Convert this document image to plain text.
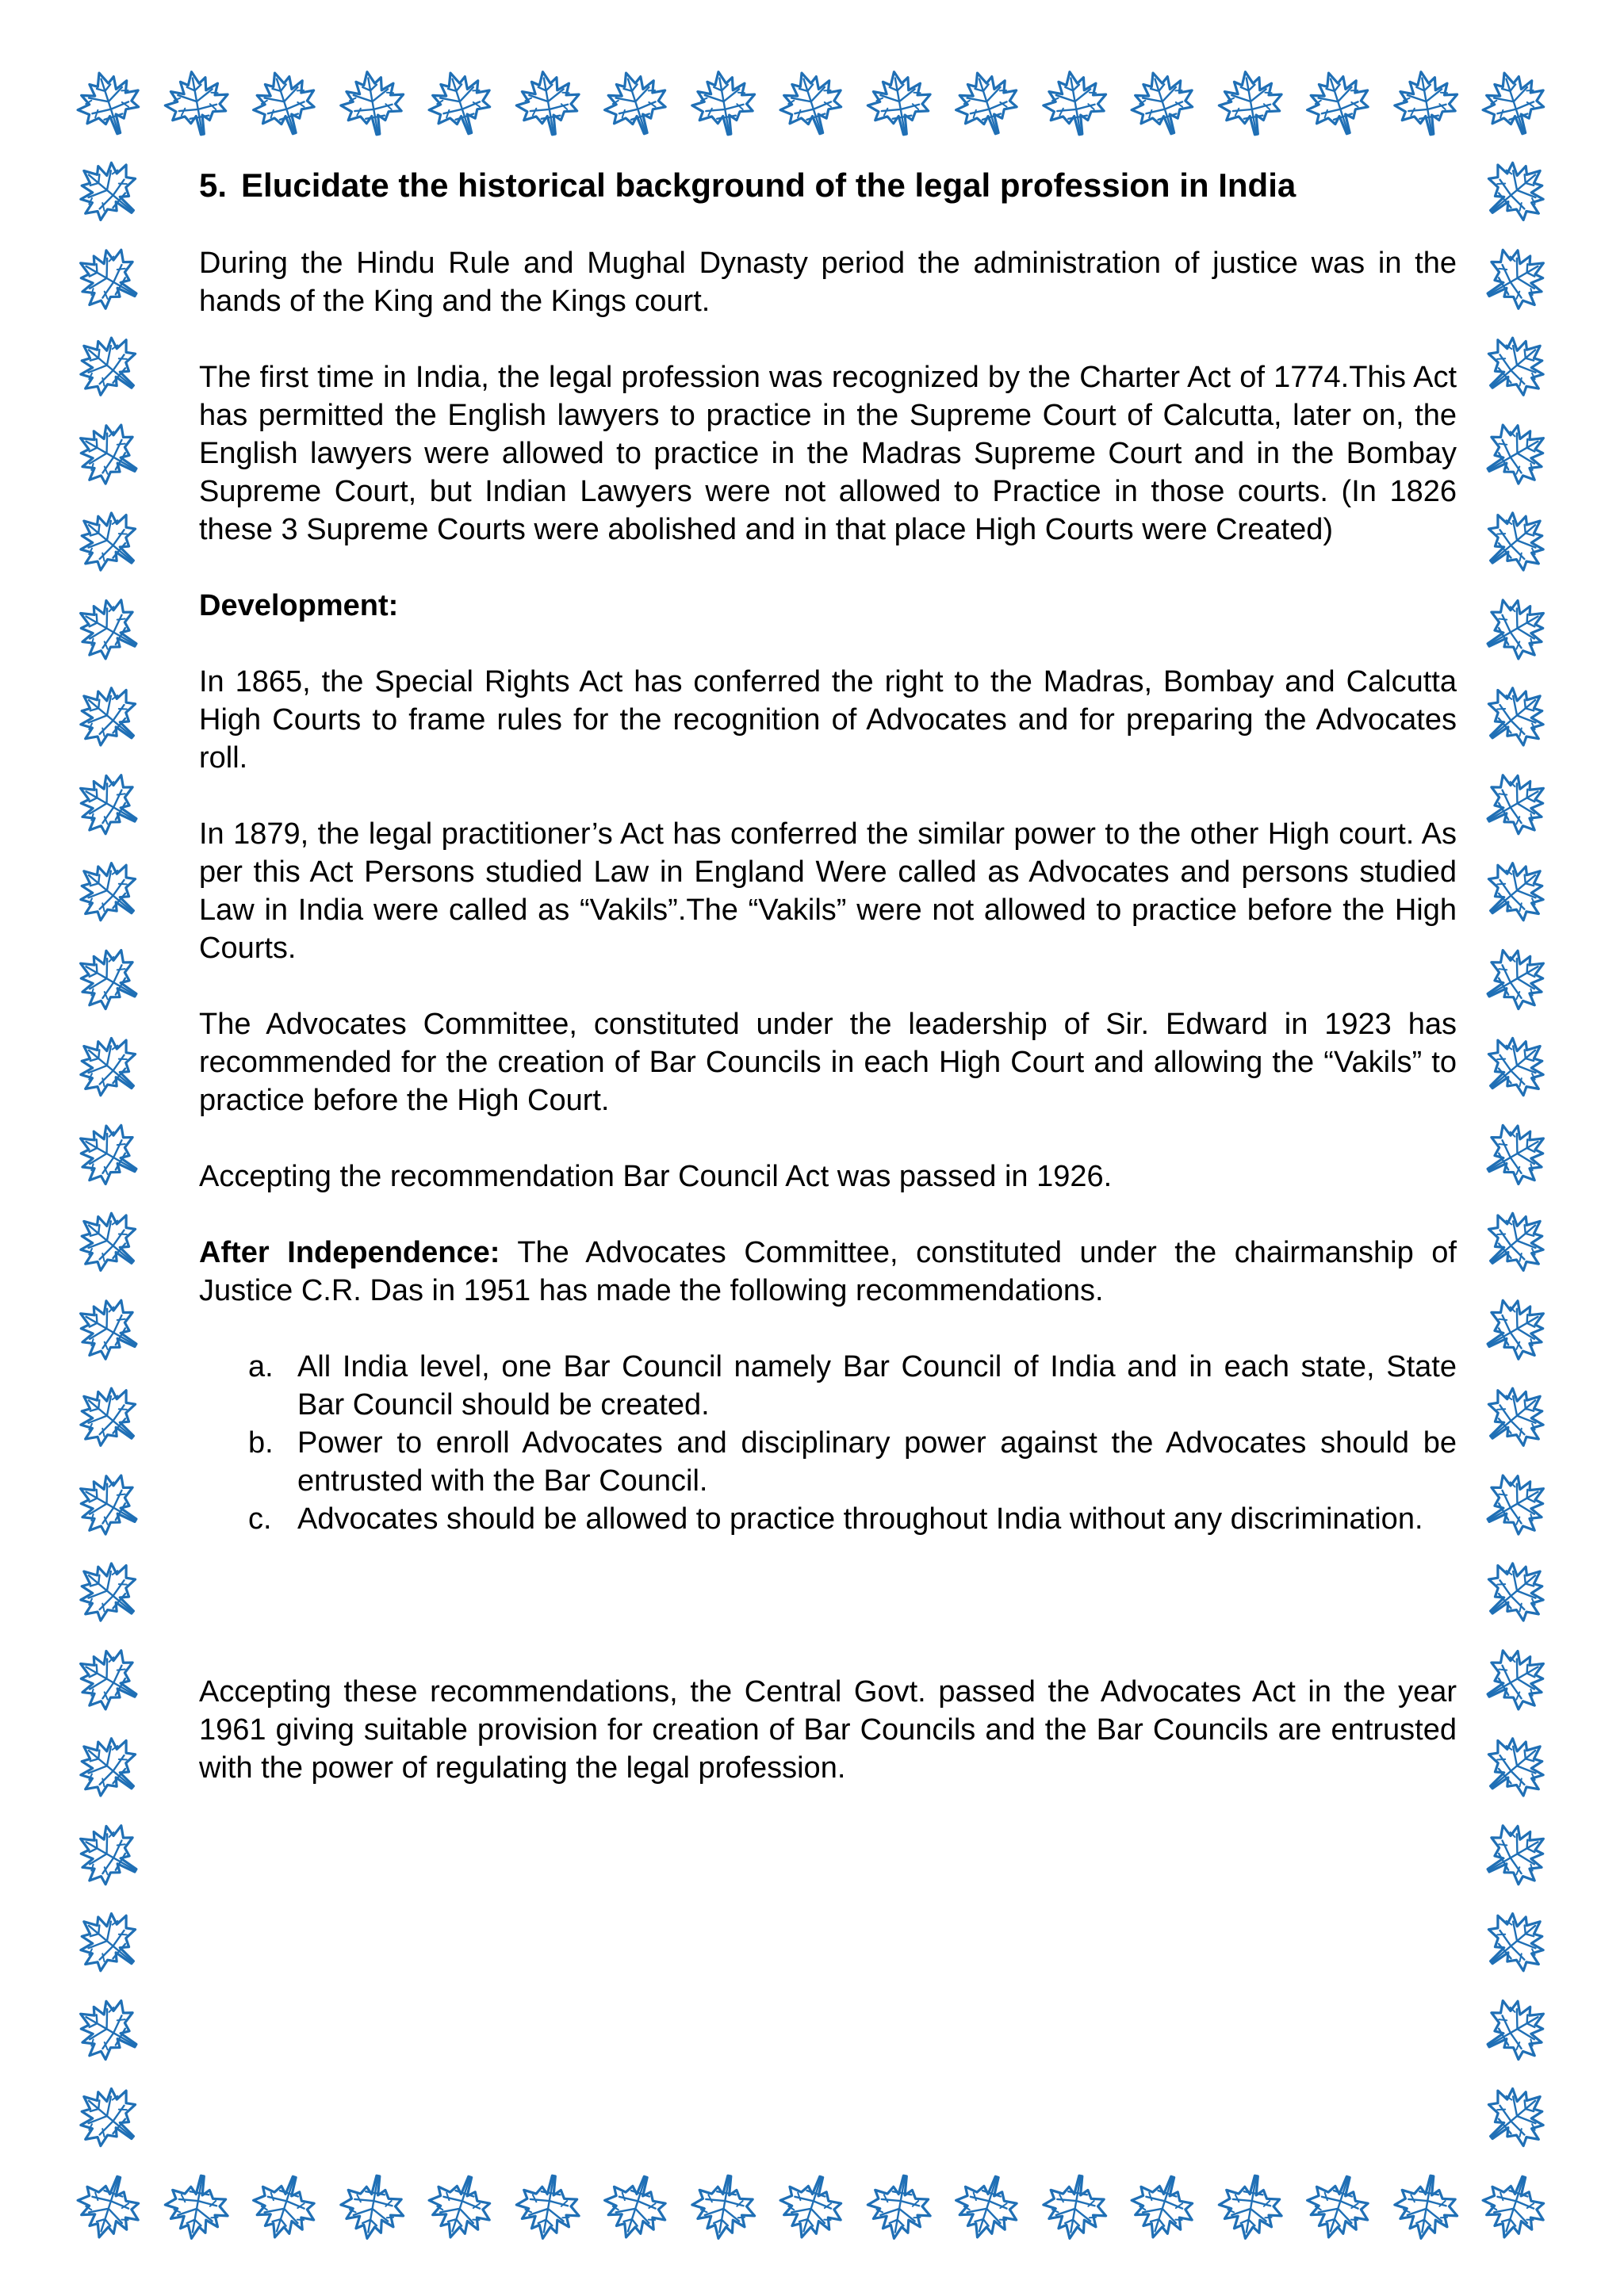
5. Elucidate the historical background of the legal profession in India

During the Hindu Rule and Mughal Dynasty period the administration of justice was in the hands of the King and the Kings court.

The first time in India, the legal profession was recognized by the Charter Act of 1774.This Act has permitted the English lawyers to practice in the Supreme Court of Calcutta, later on, the English lawyers were allowed to practice in the Madras Supreme Court and in the Bombay Supreme Court, but Indian Lawyers were not allowed to Practice in those courts. (In 1826 these 3 Supreme Courts were abolished and in that place High Courts were Created)

Development:

In 1865, the Special Rights Act has conferred the right to the Madras, Bombay and Calcutta High Courts to frame rules for the recognition of Advocates and for preparing the Advocates roll.

In 1879, the legal practitioner’s Act has conferred the similar power to the other High court. As per this Act Persons studied Law in England Were called as Advocates and persons studied Law in India were called as “Vakils”.The “Vakils” were not allowed to practice before the High Courts.

The Advocates Committee, constituted under the leadership of Sir. Edward in 1923 has recommended for the creation of Bar Councils in each High Court and allowing the “Vakils” to practice before the High Court.

Accepting the recommendation Bar Council Act was passed in 1926.

After Independence: The Advocates Committee, constituted under the chairmanship of Justice C.R. Das in 1951 has made the following recommendations.

a. All India level, one Bar Council namely Bar Council of India and in each state, State Bar Council should be created.
b. Power to enroll Advocates and disciplinary power against the Advocates should be entrusted with the Bar Council.
c. Advocates should be allowed to practice throughout India without any discrimination.

Accepting these recommendations, the Central Govt. passed the Advocates Act in the year 1961 giving suitable provision for creation of Bar Councils and the Bar Councils are entrusted with the power of regulating the legal profession.
